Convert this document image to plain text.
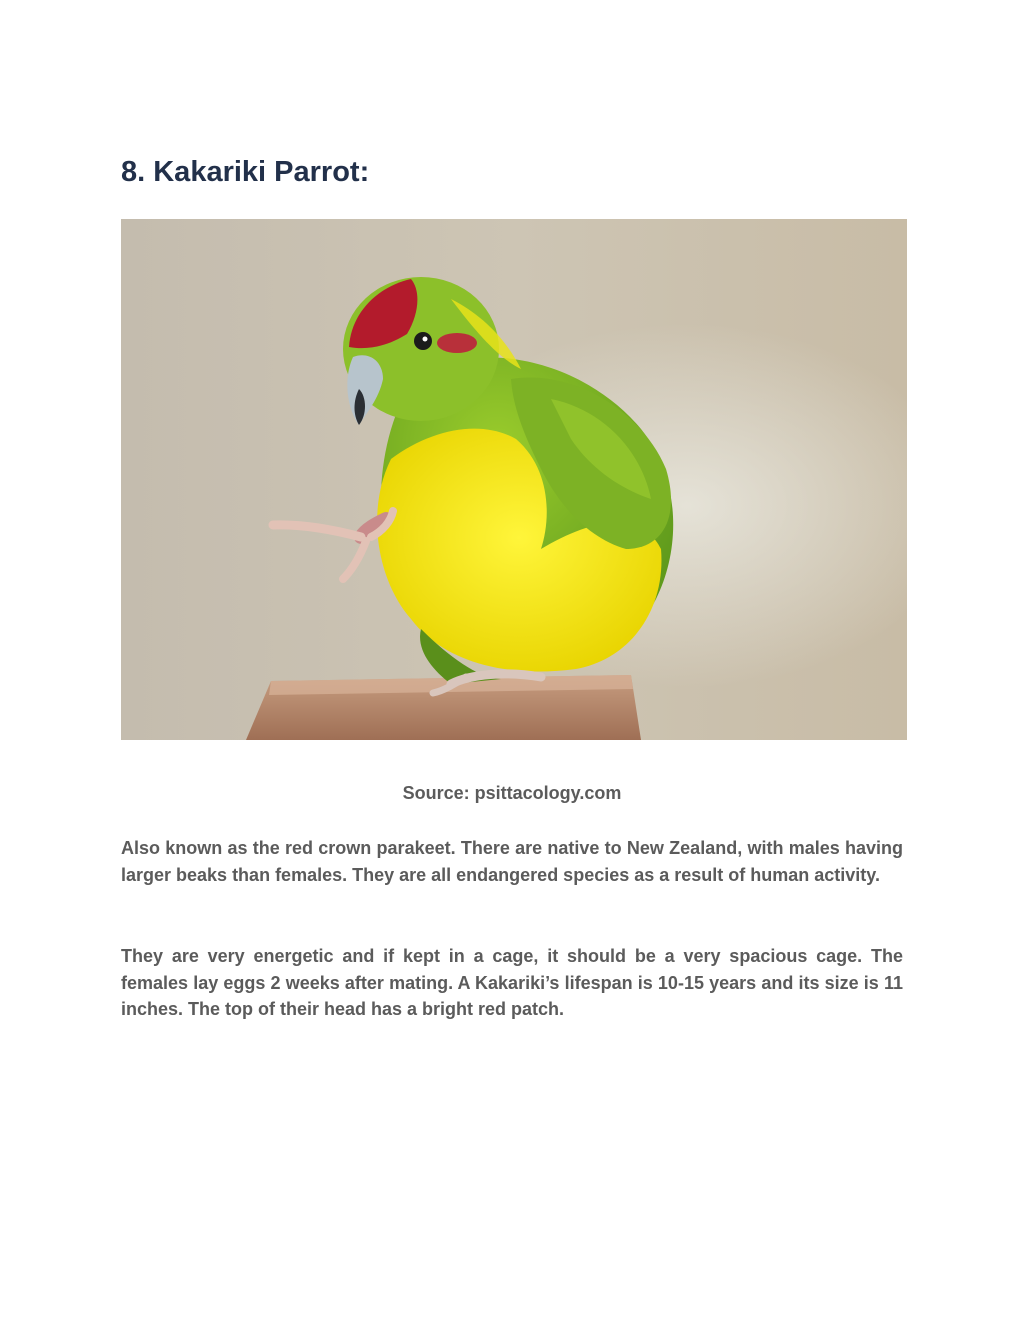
8. Kakariki Parrot:
Source: psittacology.com

Also known as the red crown parakeet. There are native to New Zealand, with males having larger beaks than females. They are all endangered species as a result of human activity.

They are very energetic and if kept in a cage, it should be a very spacious cage. The females lay eggs 2 weeks after mating. A Kakariki’s lifespan is 10-15 years and its size is 11 inches. The top of their head has a bright red patch.
